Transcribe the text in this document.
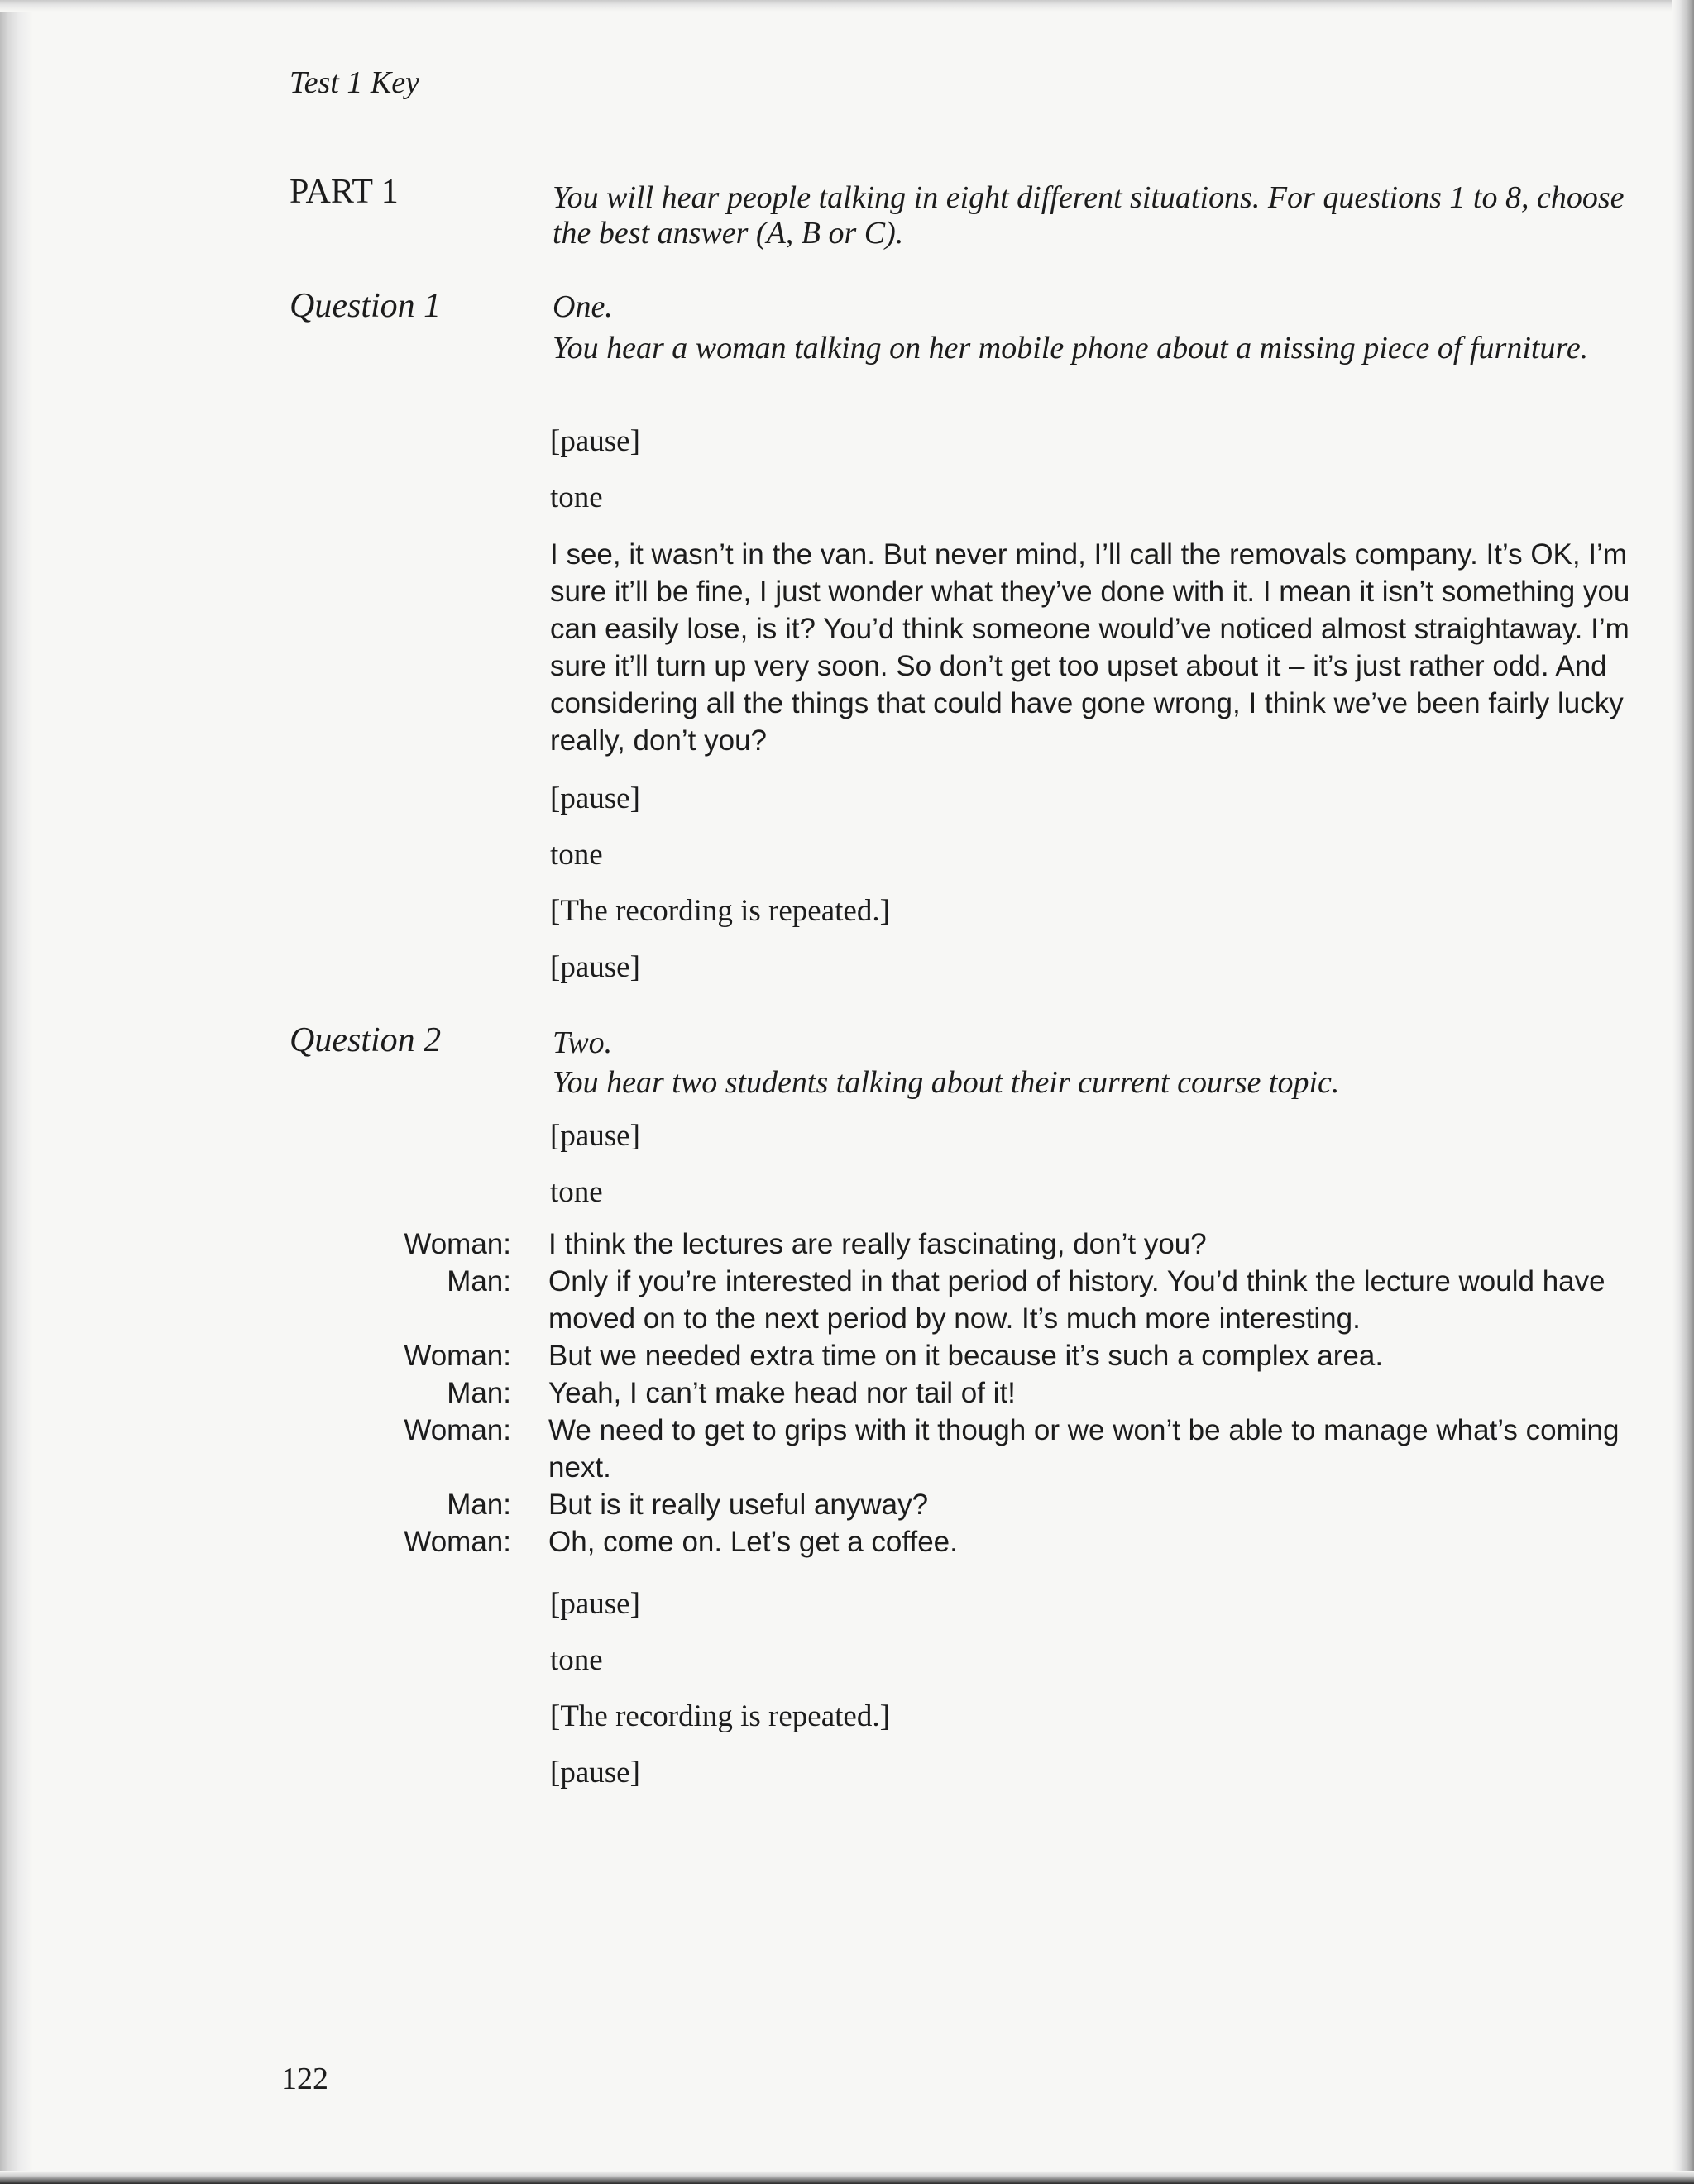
Test 1 Key
PART 1	You will hear people talking in eight different situations. For questions 1 to 8, choose the best answer (A, B or C).
Question 1	One.
You hear a woman talking on her mobile phone about a missing piece of furniture.
[pause]
tone
I see, it wasn’t in the van. But never mind, I’ll call the removals company. It’s OK, I’m sure it’ll be fine, I just wonder what they’ve done with it. I mean it isn’t something you can easily lose, is it? You’d think someone would’ve noticed almost straightaway. I’m sure it’ll turn up very soon. So don’t get too upset about it – it’s just rather odd. And considering all the things that could have gone wrong, I think we’ve been fairly lucky really, don’t you?
[pause]
tone
[The recording is repeated.]
[pause]
Question 2	Two.
You hear two students talking about their current course topic.
[pause]
tone
Woman: I think the lectures are really fascinating, don’t you?
Man: Only if you’re interested in that period of history. You’d think the lecture would have moved on to the next period by now. It’s much more interesting.
Woman: But we needed extra time on it because it’s such a complex area.
Man: Yeah, I can’t make head nor tail of it!
Woman: We need to get to grips with it though or we won’t be able to manage what’s coming next.
Man: But is it really useful anyway?
Woman: Oh, come on. Let’s get a coffee.
[pause]
tone
[The recording is repeated.]
[pause]
122
